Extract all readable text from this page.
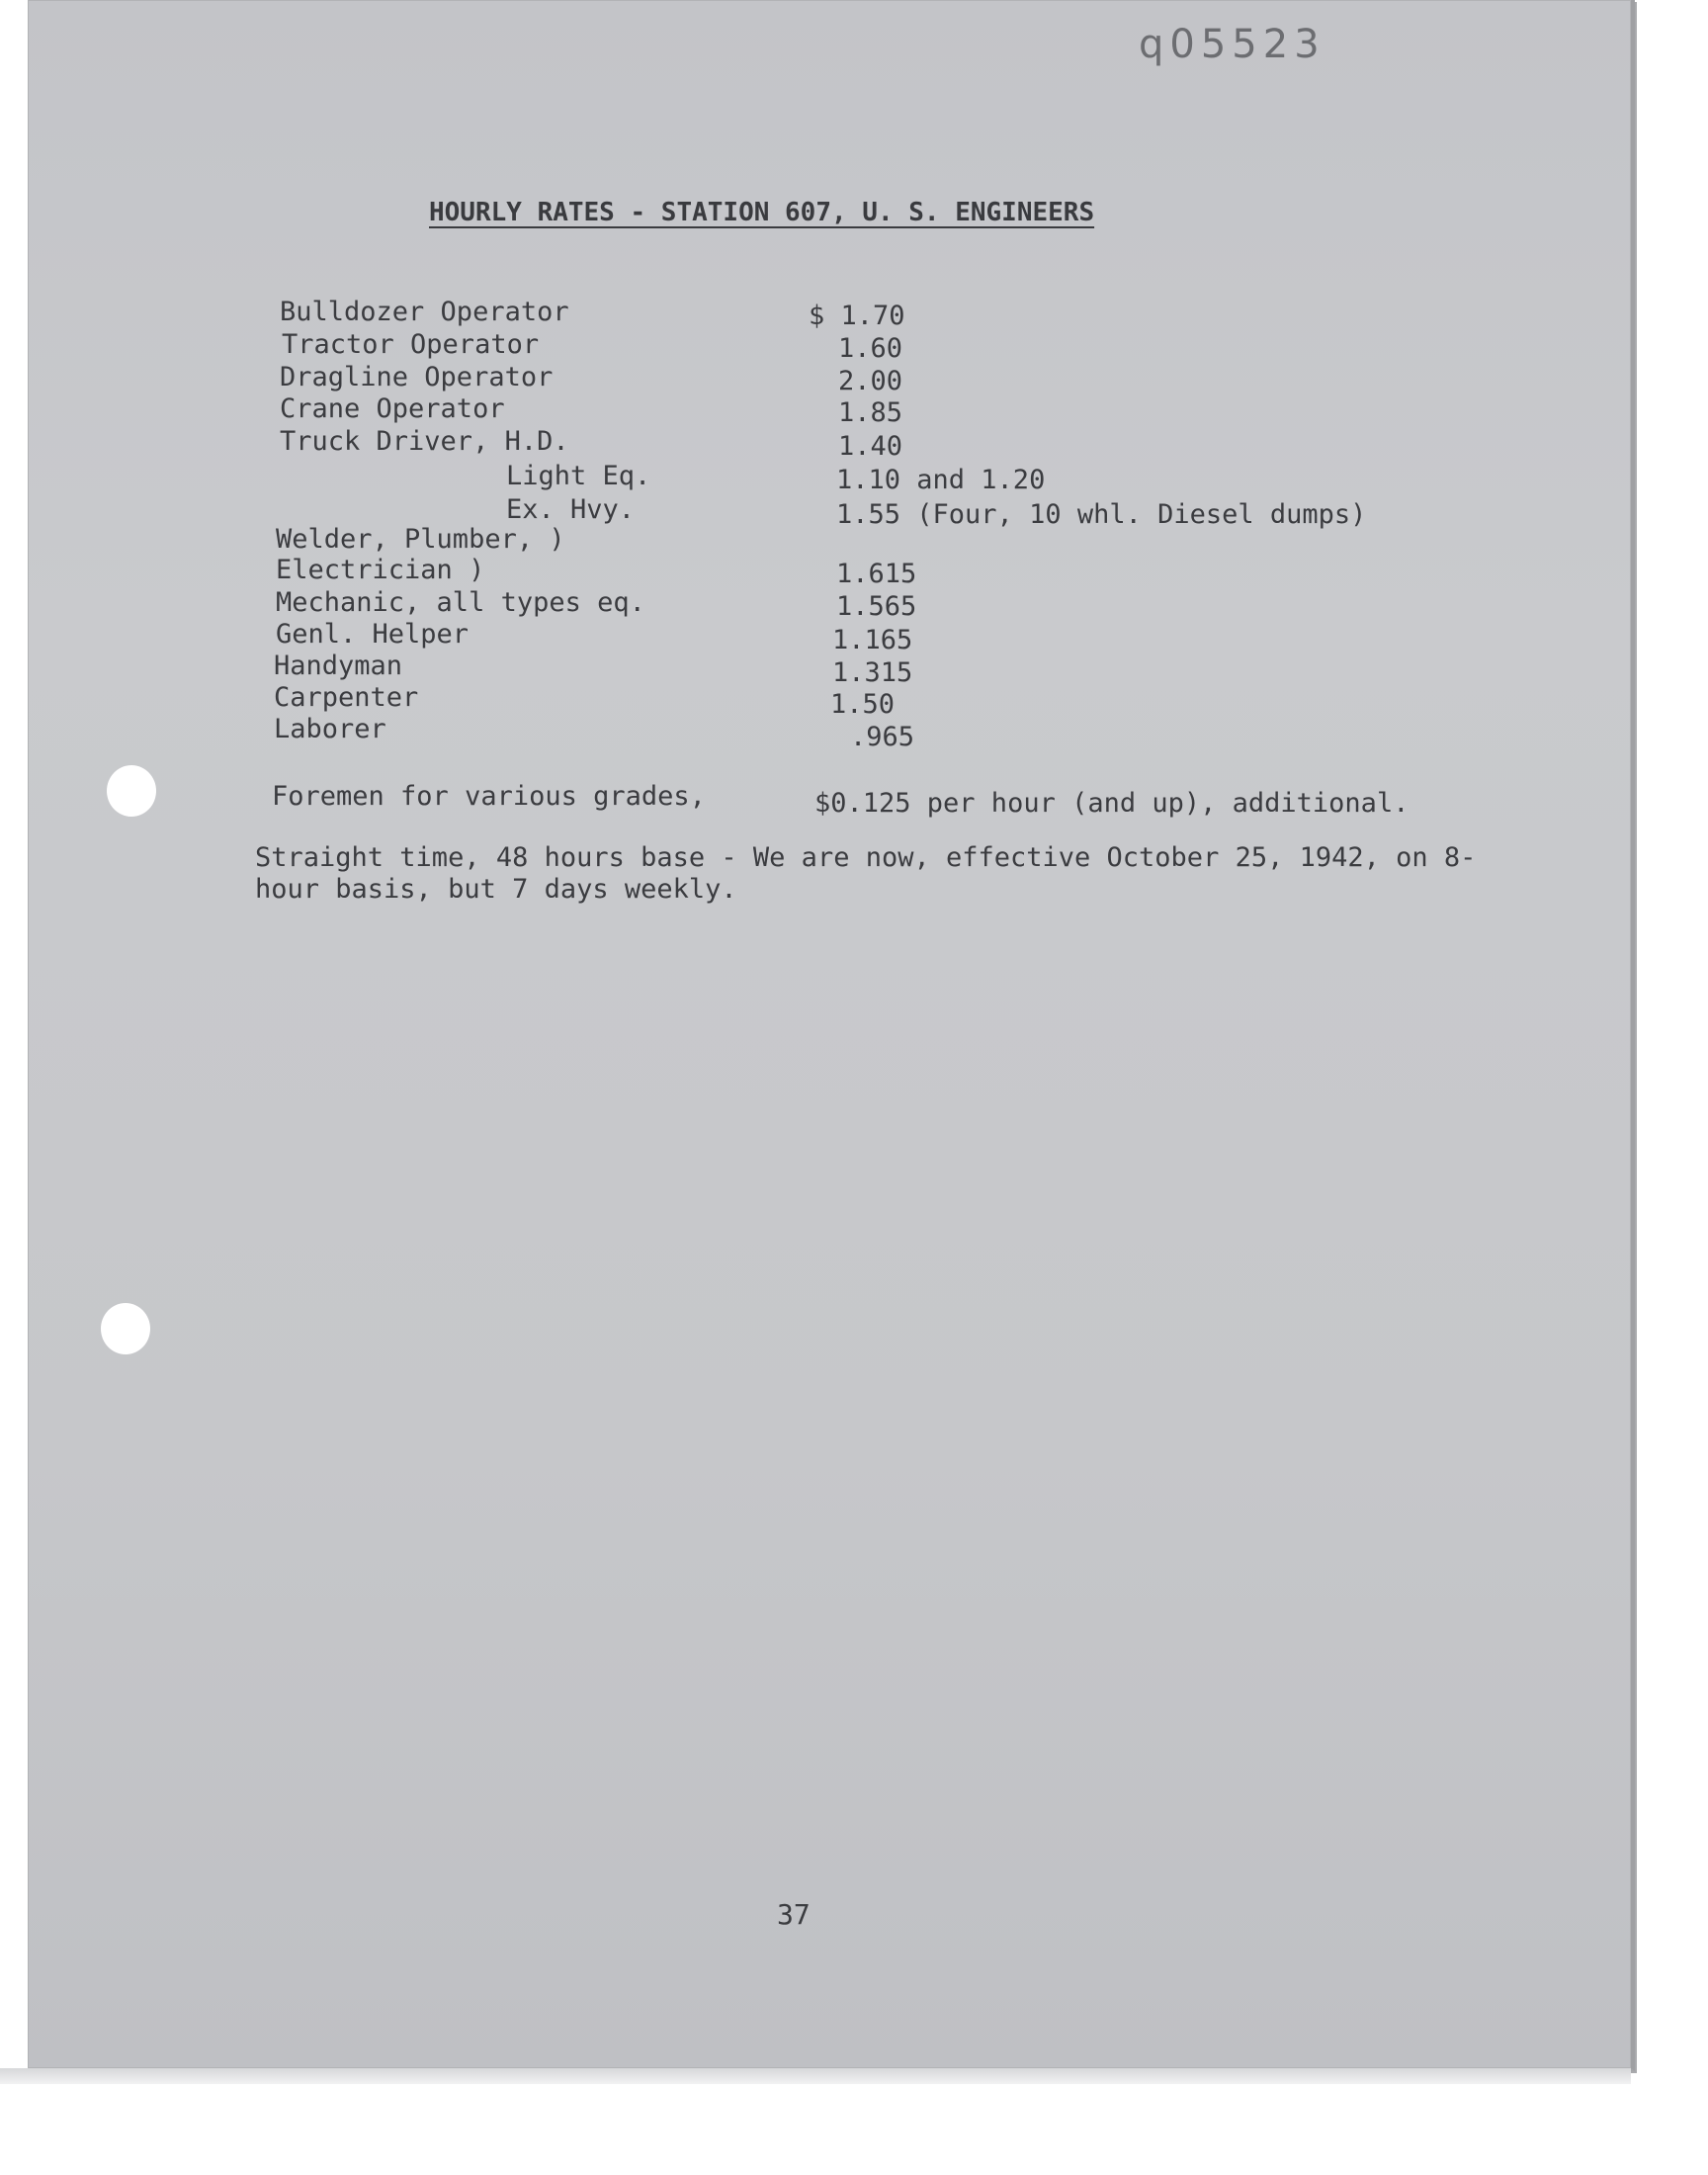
q05523
HOURLY RATES - STATION 607, U. S. ENGINEERS
Bulldozer Operator	$ 1.70
Tractor Operator	1.60
Dragline Operator	2.00
Crane Operator	1.85
Truck Driver, H.D.	1.40
Light Eq.	1.10 and 1.20
Ex. Hvy.	1.55 (Four, 10 whl. Diesel dumps)
Welder, Plumber, )
Electrician )	1.615
Mechanic, all types eq.	1.565
Genl. Helper	1.165
Handyman	1.315
Carpenter	1.50
Laborer	.965
Foremen for various grades,	$0.125 per hour (and up), additional.
Straight time, 48 hours base - We are now, effective October 25, 1942, on 8-hour basis, but 7 days weekly.
37
